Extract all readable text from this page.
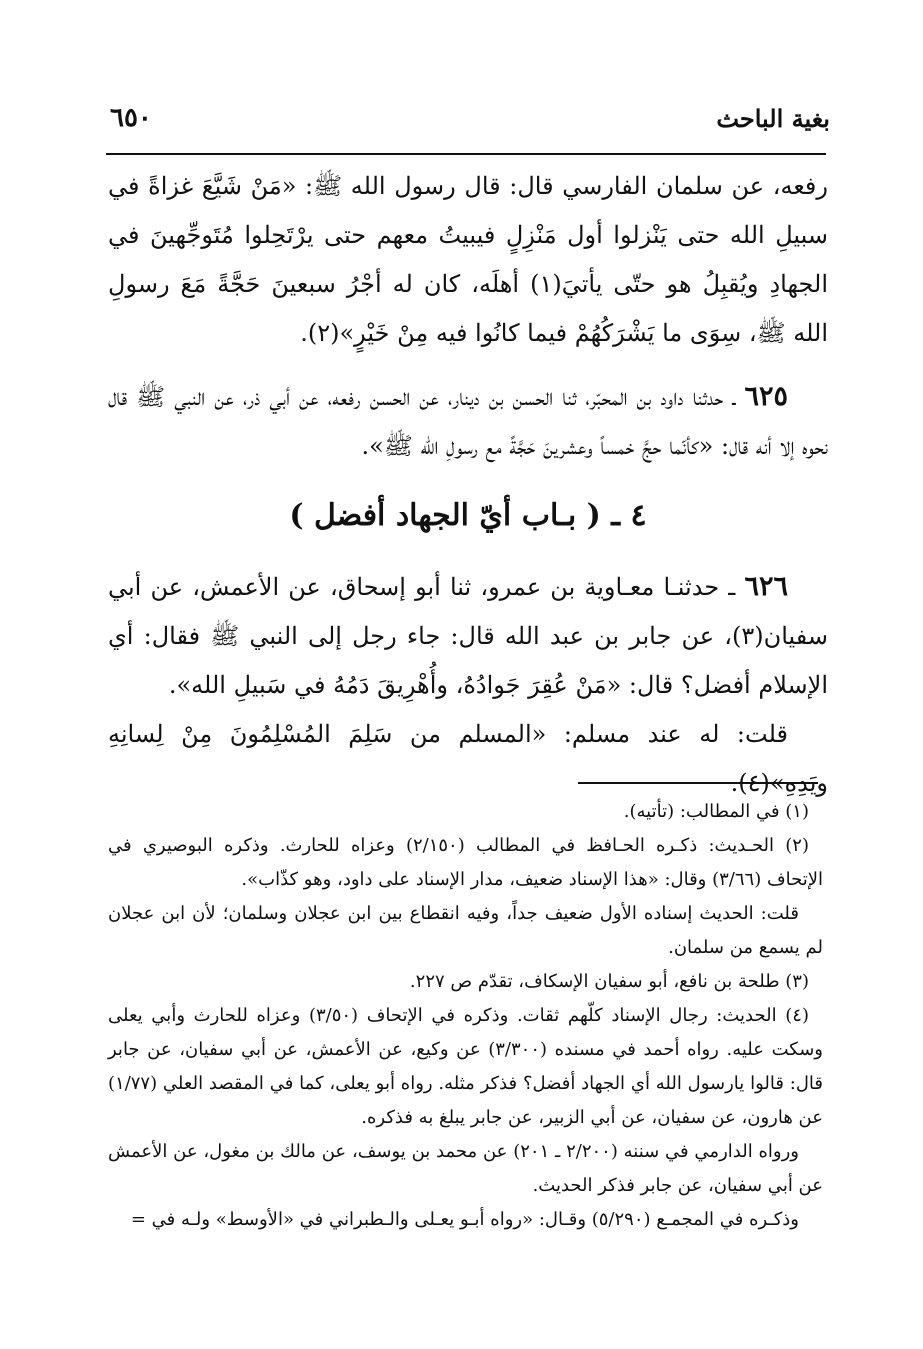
بغية الباحث
٦٥٠

رفعه، عن سلمان الفارسي قال: قال رسول الله ﷺ: «مَنْ شَيَّعَ غزاةً في سبيلِ الله حتى يَنْزلوا أول مَنْزِلٍ فيبيتُ معهم حتى يرْتَحِلوا مُتَوجِّهينَ في الجهادِ ويُقبِلُ هو حتّى يأتيَ(١) أهلَه، كان له أجْرُ سبعينَ حَجَّةً مَعَ رسولِ الله ﷺ، سِوَى ما يَشْرَكُهُمْ فيما كانُوا فيه مِنْ خَيْرٍ»(٢).

٦٢٥ ـ حدثنا داود بن المحبّر، ثنا الحسن بن دينار، عن الحسن رفعه، عن أبي ذر، عن النبي ﷺ قال نحوه إلا أنه قال: «كأنّما حجَّ خمساً وعشرينَ حَجَّةً مع رسولِ الله ﷺ».

٤ ـ ( بـاب أيّ الجهاد أفضل )

٦٢٦ ـ حدثنـا معـاوية بن عمرو، ثنا أبو إسحاق، عن الأعمش، عن أبي سفيان(٣)، عن جابر بن عبد الله قال: جاء رجل إلى النبي ﷺ فقال: أي الإسلام أفضل؟ قال: «مَنْ عُقِرَ جَوادُهُ، وأُهْرِيقَ دَمُهُ في سَبيلِ الله».

قلت: له عند مسلم: «المسلم من سَلِمَ المُسْلِمُونَ مِنْ لِسانِهِ ويَدِهِ»(٤).

(١) في المطالب: (تأتيه).

(٢) الحـديث: ذكـره الحـافظ في المطالب (٢/١٥٠) وعزاه للحارث. وذكره البوصيري في الإتحاف (٣/٦٦) وقال: «هذا الإسناد ضعيف، مدار الإسناد على داود، وهو كذّاب».

قلت: الحديث إسناده الأول ضعيف جداً، وفيه انقطاع بين ابن عجلان وسلمان؛ لأن ابن عجلان لم يسمع من سلمان.

(٣) طلحة بن نافع، أبو سفيان الإسكاف، تقدّم ص ٢٢٧.

(٤) الحديث: رجال الإسناد كلّهم ثقات. وذكره في الإتحاف (٣/٥٠) وعزاه للحارث وأبي يعلى وسكت عليه. رواه أحمد في مسنده (٣/٣٠٠) عن وكيع، عن الأعمش، عن أبي سفيان، عن جابر قال: قالوا يارسول الله أي الجهاد أفضل؟ فذكر مثله. رواه أبو يعلى، كما في المقصد العلي (١/٧٧) عن هارون، عن سفيان، عن أبي الزبير، عن جابر يبلغ به فذكره.

ورواه الدارمي في سننه (٢/٢٠٠ ـ ٢٠١) عن محمد بن يوسف، عن مالك بن مغول، عن الأعمش عن أبي سفيان، عن جابر فذكر الحديث.

وذكـره في المجمـع (٥/٢٩٠) وقـال: «رواه أبـو يعـلى والـطبراني في «الأوسط» ولـه في =
